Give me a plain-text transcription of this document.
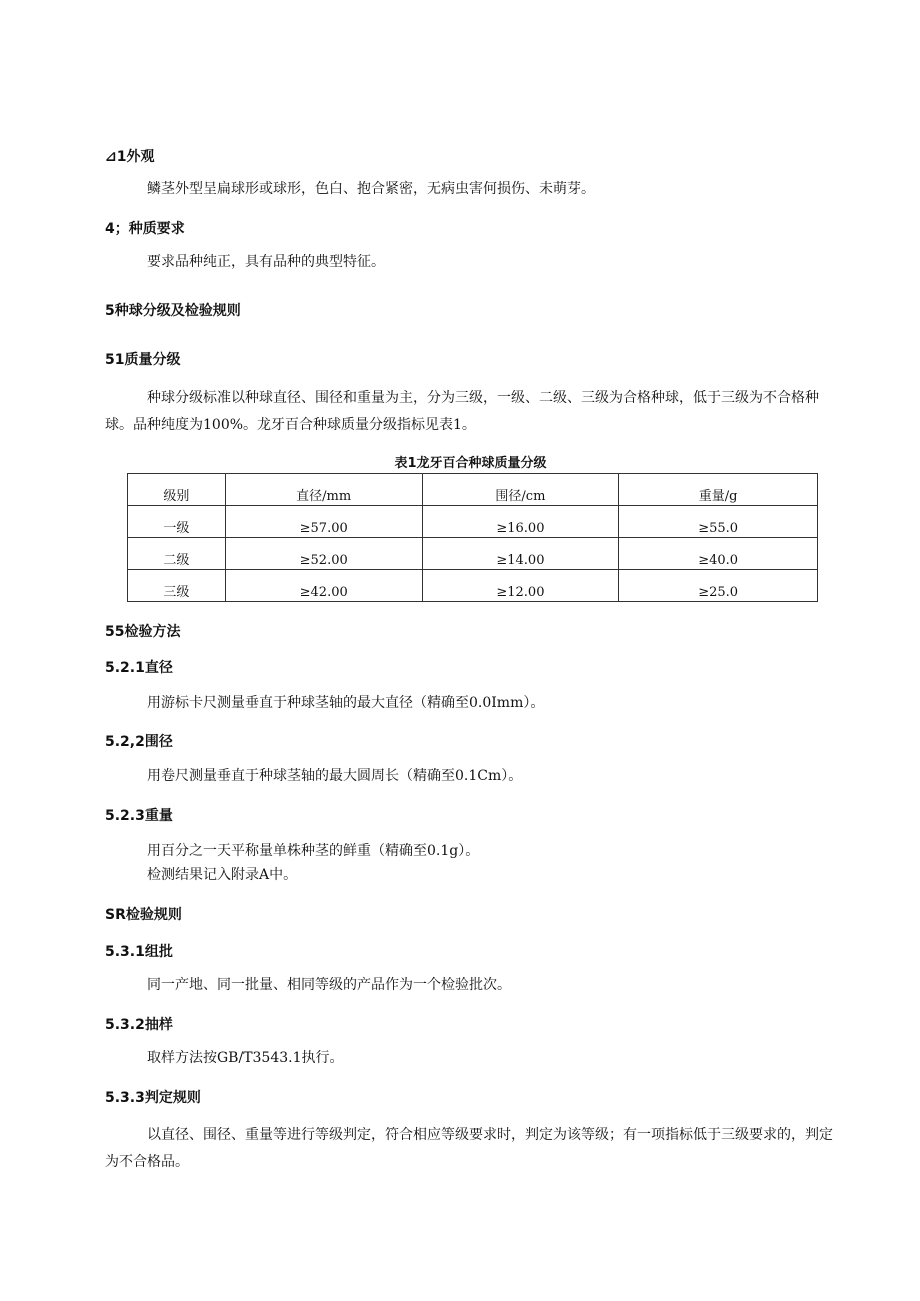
⊿1外观
鳞茎外型呈扁球形或球形，色白、抱合紧密，无病虫害何损伤、未萌芽。
4；种质要求
要求品种纯正，具有品种的典型特征。
5种球分级及检验规则
51质量分级
种球分级标准以种球直径、围径和重量为主，分为三级，一级、二级、三级为合格种球，低于三级为不合格种球。品种纯度为100%。龙牙百合种球质量分级指标见表1。
表1龙牙百合种球质量分级
级别	直径/mm	围径/cm	重量/g
一级	≥57.00	≥16.00	≥55.0
二级	≥52.00	≥14.00	≥40.0
三级	≥42.00	≥12.00	≥25.0
55检验方法
5.2.1直径
用游标卡尺测量垂直于种球茎轴的最大直径（精确至0.0Imm）。
5.2,2围径
用卷尺测量垂直于种球茎轴的最大圆周长（精确至0.1Cm）。
5.2.3重量
用百分之一天平称量单株种茎的鲜重（精确至0.1g）。
检测结果记入附录A中。
SR检验规则
5.3.1组批
同一产地、同一批量、相同等级的产品作为一个检验批次。
5.3.2抽样
取样方法按GB/T3543.1执行。
5.3.3判定规则
以直径、围径、重量等进行等级判定，符合相应等级要求时，判定为该等级；有一项指标低于三级要求的，判定为不合格品。
